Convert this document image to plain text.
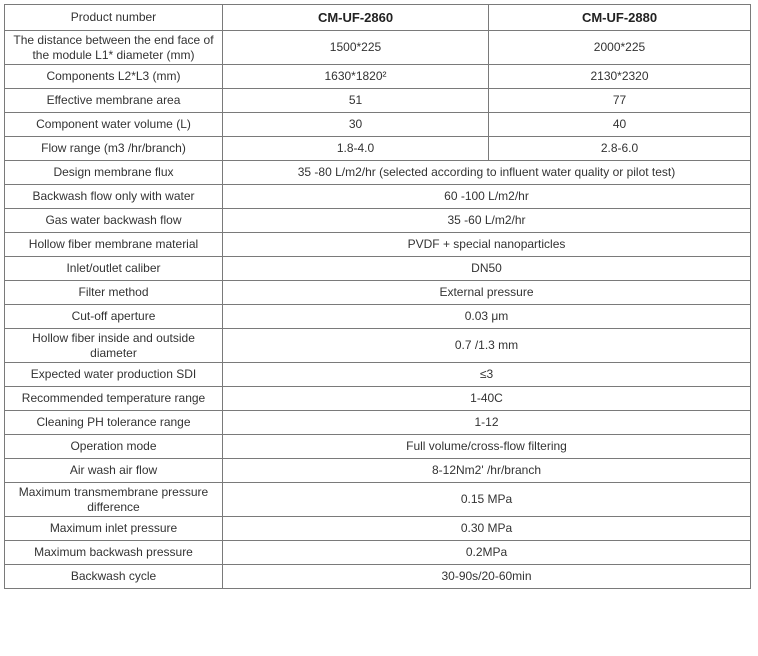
Product number	CM-UF-2860	CM-UF-2880
The distance between the end face of the module L1* diameter (mm)	1500*225	2000*225
Components L2*L3 (mm)	1630*1820²	2130*2320
Effective membrane area	51	77
Component water volume (L)	30	40
Flow range (m3 /hr/branch)	1.8-4.0	2.8-6.0
Design membrane flux	35 -80 L/m2/hr (selected according to influent water quality or pilot test)	
Backwash flow only with water	60 -100 L/m2/hr	
Gas water backwash flow	35 -60 L/m2/hr	
Hollow fiber membrane material	PVDF + special nanoparticles	
Inlet/outlet caliber	DN50	
Filter method	External pressure	
Cut-off aperture	0.03 μm	
Hollow fiber inside and outside diameter	0.7 /1.3 mm	
Expected water production SDI	≤3	
Recommended temperature range	1-40C	
Cleaning PH tolerance range	1-12	
Operation mode	Full volume/cross-flow filtering	
Air wash air flow	8-12Nm2' /hr/branch	
Maximum transmembrane pressure difference	0.15 MPa	
Maximum inlet pressure	0.30 MPa	
Maximum backwash pressure	0.2MPa	
Backwash cycle	30-90s/20-60min	
